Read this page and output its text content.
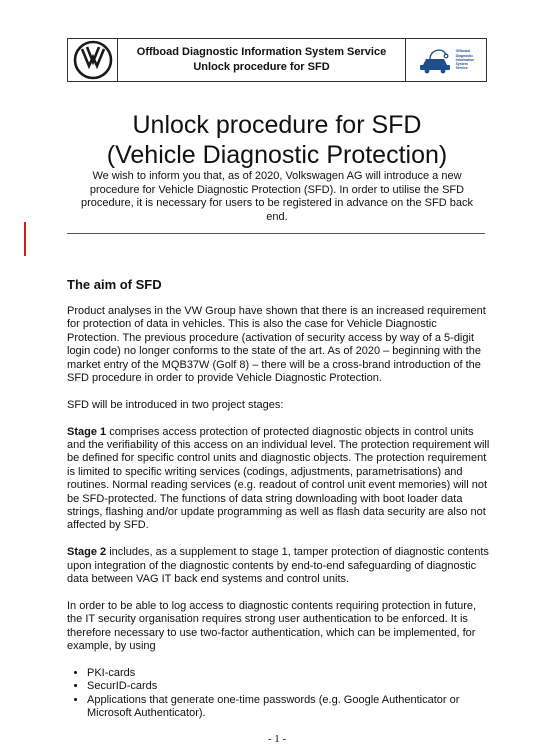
Offboad Diagnostic Information System Service
Unlock procedure for SFD
Offboard
Diagnostic
Information
System
Service
Unlock procedure for SFD
(Vehicle Diagnostic Protection)
We wish to inform you that, as of 2020, Volkswagen AG will introduce a new procedure for Vehicle Diagnostic Protection (SFD). In order to utilise the SFD procedure, it is necessary for users to be registered in advance on the SFD back end.
The aim of SFD

Product analyses in the VW Group have shown that there is an increased requirement for protection of data in vehicles. This is also the case for Vehicle Diagnostic Protection. The previous procedure (activation of security access by way of a 5-digit login code) no longer conforms to the state of the art. As of 2020 – beginning with the market entry of the MQB37W (Golf 8) – there will be a cross-brand introduction of the SFD procedure in order to provide Vehicle Diagnostic Protection.

SFD will be introduced in two project stages:

Stage 1 comprises access protection of protected diagnostic objects in control units and the verifiability of this access on an individual level. The protection requirement will be defined for specific control units and diagnostic objects. The protection requirement is limited to specific writing services (codings, adjustments, parametrisations) and routines. Normal reading services (e.g. readout of control unit event memories) will not be SFD-protected. The functions of data string downloading with boot loader data strings, flashing and/or update programming as well as flash data security are also not affected by SFD.

Stage 2 includes, as a supplement to stage 1, tamper protection of diagnostic contents upon integration of the diagnostic contents by end-to-end safeguarding of diagnostic data between VAG IT back end systems and control units.

In order to be able to log access to diagnostic contents requiring protection in future, the IT security organisation requires strong user authentication to be enforced. It is therefore necessary to use two-factor authentication, which can be implemented, for example, by using

• PKI-cards
• SecurID-cards
• Applications that generate one-time passwords (e.g. Google Authenticator or Microsoft Authenticator).
- 1 -
